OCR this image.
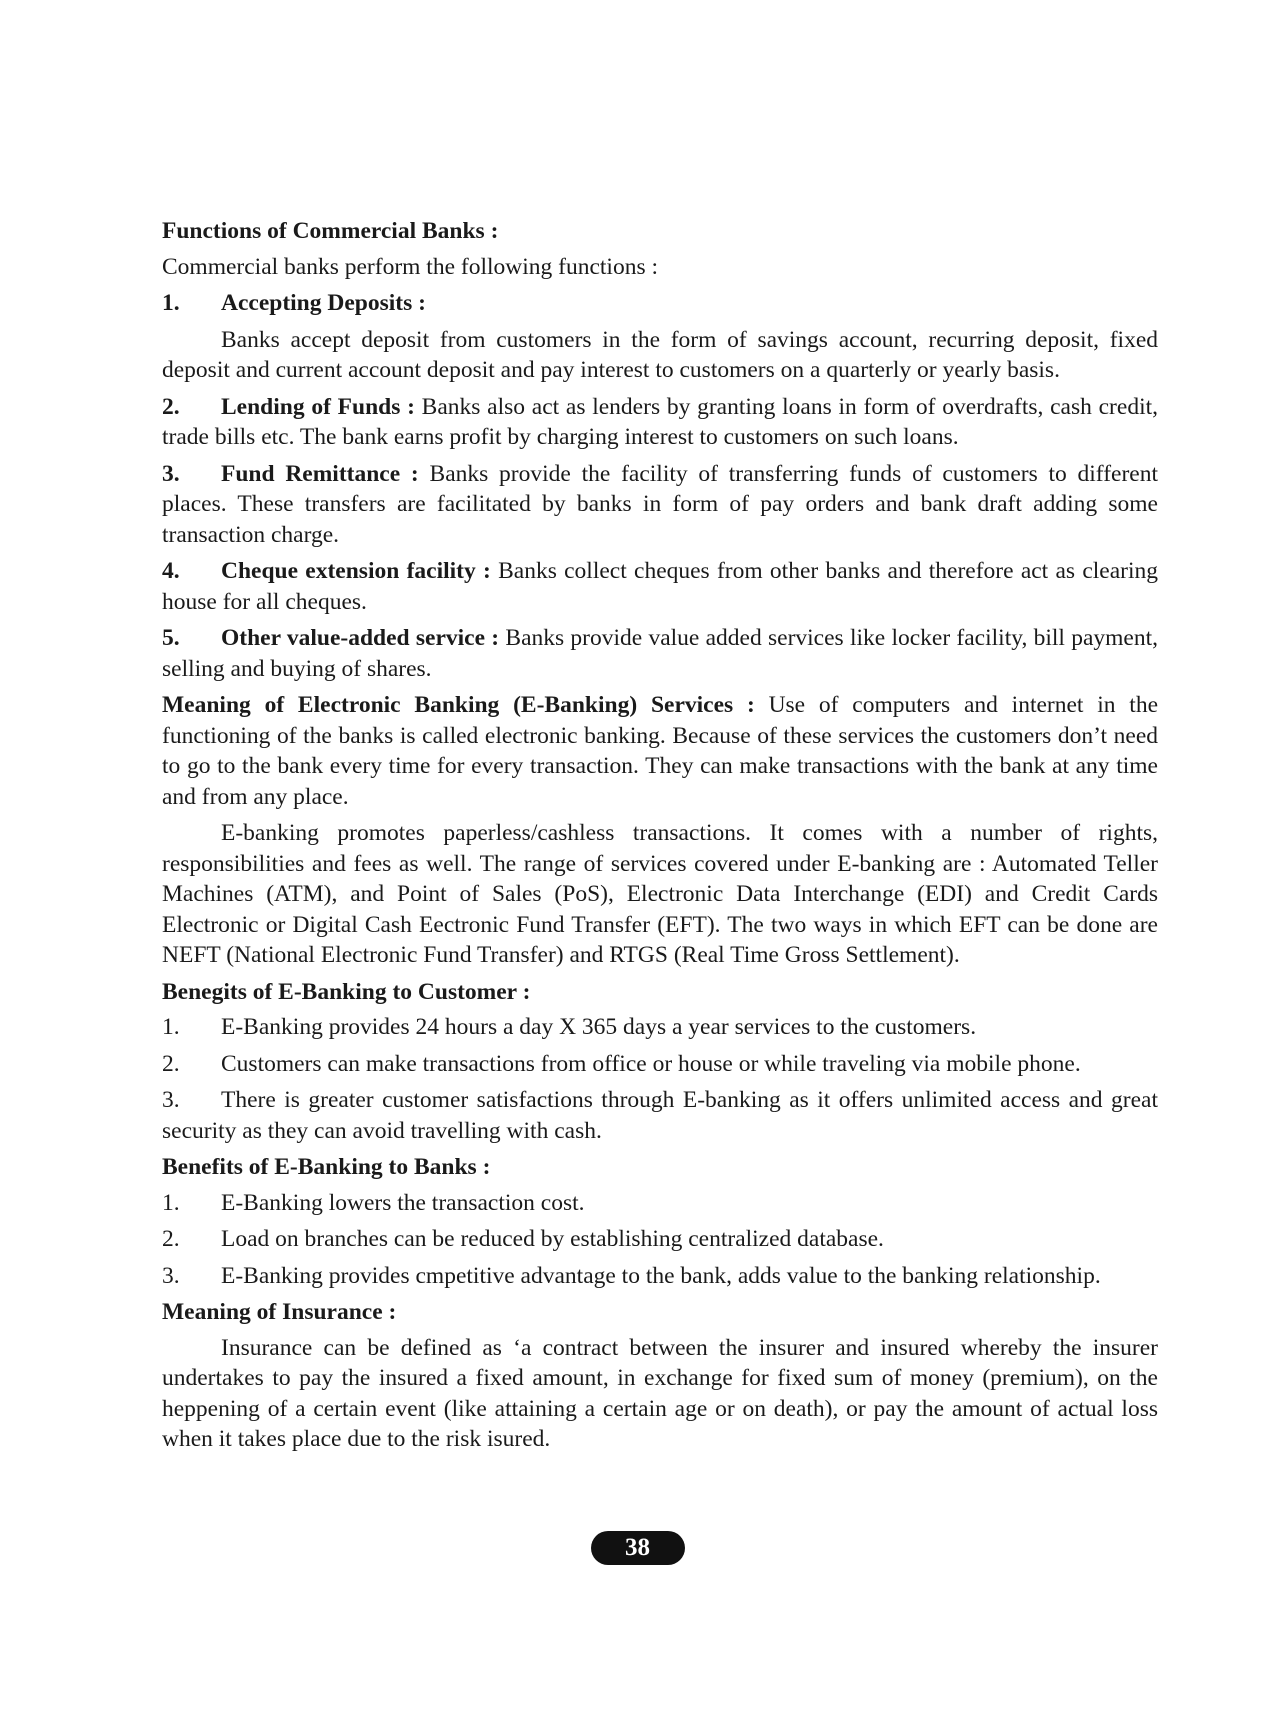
Functions of Commercial Banks :

Commercial banks perform the following functions :

1. Accepting Deposits :

Banks accept deposit from customers in the form of savings account, recurring deposit, fixed deposit and current account deposit and pay interest to customers on a quarterly or yearly basis.

2. Lending of Funds : Banks also act as lenders by granting loans in form of overdrafts, cash credit, trade bills etc. The bank earns profit by charging interest to customers on such loans.

3. Fund Remittance : Banks provide the facility of transferring funds of customers to different places. These transfers are facilitated by banks in form of pay orders and bank draft adding some transaction charge.

4. Cheque extension facility : Banks collect cheques from other banks and therefore act as clearing house for all cheques.

5. Other value-added service : Banks provide value added services like locker facility, bill payment, selling and buying of shares.

Meaning of Electronic Banking (E-Banking) Services : Use of computers and internet in the functioning of the banks is called electronic banking. Because of these services the customers don’t need to go to the bank every time for every transaction. They can make transactions with the bank at any time and from any place.

E-banking promotes paperless/cashless transactions. It comes with a number of rights, responsibilities and fees as well. The range of services covered under E-banking are : Automated Teller Machines (ATM), and Point of Sales (PoS), Electronic Data Interchange (EDI) and Credit Cards Electronic or Digital Cash Eectronic Fund Transfer (EFT). The two ways in which EFT can be done are NEFT (National Electronic Fund Transfer) and RTGS (Real Time Gross Settlement).

Benegits of E-Banking to Customer :

1. E-Banking provides 24 hours a day X 365 days a year services to the customers.

2. Customers can make transactions from office or house or while traveling via mobile phone.

3. There is greater customer satisfactions through E-banking as it offers unlimited access and great security as they can avoid travelling with cash.

Benefits of E-Banking to Banks :

1. E-Banking lowers the transaction cost.

2. Load on branches can be reduced by establishing centralized database.

3. E-Banking provides cmpetitive advantage to the bank, adds value to the banking relationship.

Meaning of Insurance :

Insurance can be defined as ‘a contract between the insurer and insured whereby the insurer undertakes to pay the insured a fixed amount, in exchange for fixed sum of money (premium), on the heppening of a certain event (like attaining a certain age or on death), or pay the amount of actual loss when it takes place due to the risk isured.

38
